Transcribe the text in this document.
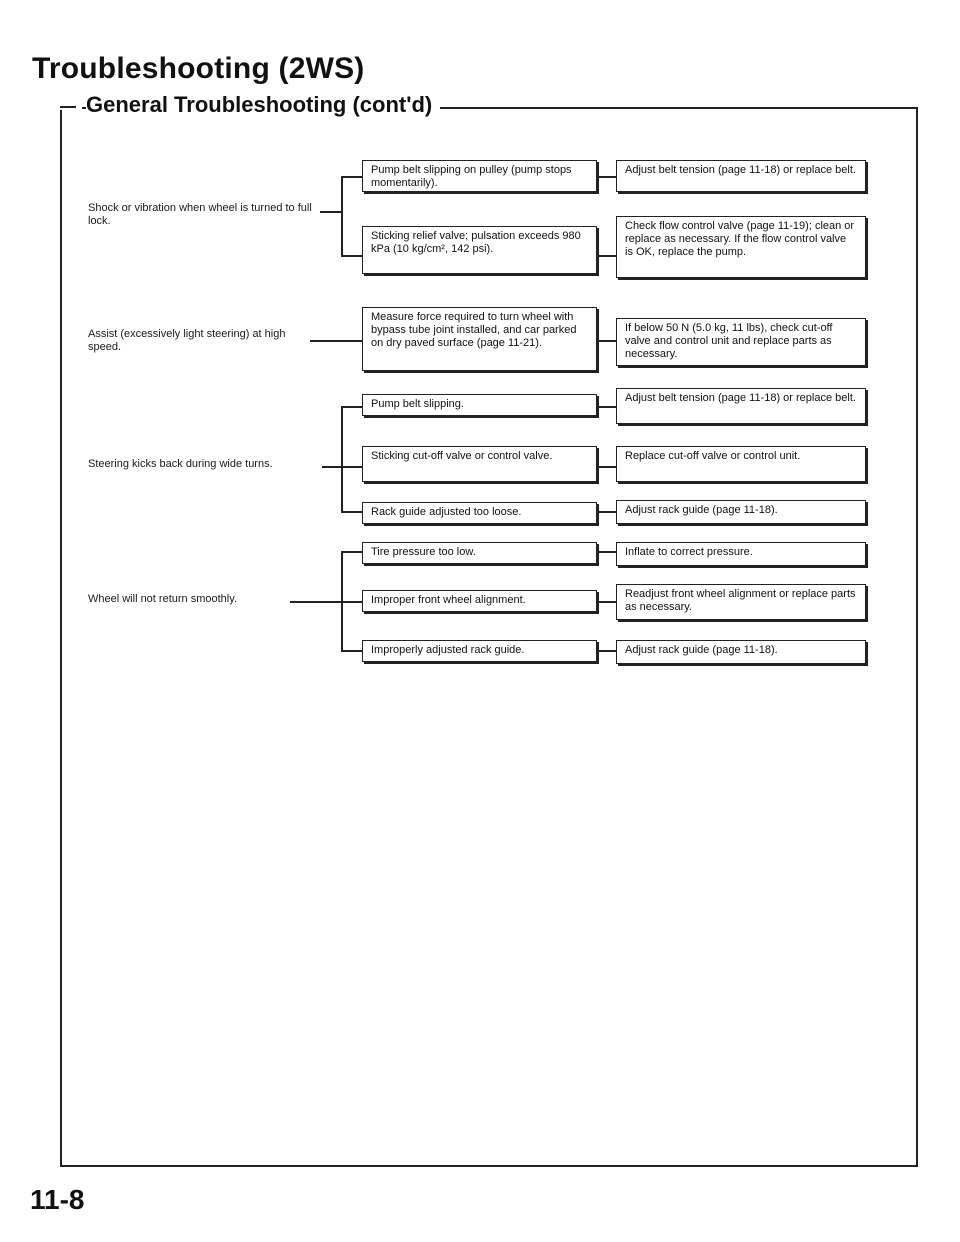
Troubleshooting (2WS)
General Troubleshooting (cont'd)
Shock or vibration when wheel is turned to full lock.
Pump belt slipping on pulley (pump stops momentarily).
Sticking relief valve; pulsation exceeds 980 kPa (10 kg/cm², 142 psi).
Adjust belt tension (page 11-18) or replace belt.
Check flow control valve (page 11-19); clean or replace as necessary. If the flow control valve is OK, replace the pump.
Assist (excessively light steering) at high speed.
Measure force required to turn wheel with bypass tube joint installed, and car parked on dry paved surface (page 11-21).
If below 50 N (5.0 kg, 11 lbs), check cut-off valve and control unit and replace parts as necessary.
Steering kicks back during wide turns.
Pump belt slipping.
Sticking cut-off valve or control valve.
Rack guide adjusted too loose.
Adjust belt tension (page 11-18) or replace belt.
Replace cut-off valve or control unit.
Adjust rack guide (page 11-18).
Wheel will not return smoothly.
Tire pressure too low.
Improper front wheel alignment.
Improperly adjusted rack guide.
Inflate to correct pressure.
Readjust front wheel alignment or replace parts as necessary.
Adjust rack guide (page 11-18).
11-8
